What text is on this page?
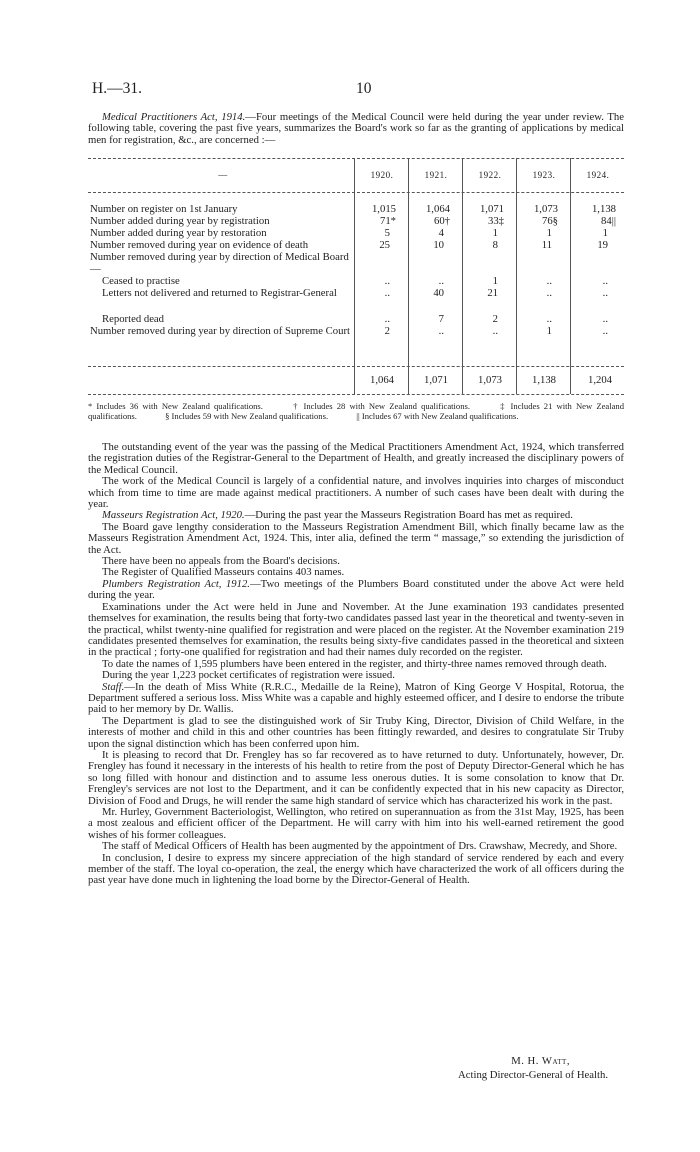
H.—31.	10

Medical Practitioners Act, 1914.—Four meetings of the Medical Council were held during the year under review. The following table, covering the past five years, summarizes the Board's work so far as the granting of applications by medical men for registration, &c., are concerned :—

—	1920.	1921.	1922.	1923.	1924.
Number on register on 1st January	1,015	1,064	1,071	1,073	1,138
Number added during year by registration	71*	60†	33‡	76§	84||
Number added during year by restoration	5	4	1	1	1
Number removed during year on evidence of death	25	10	8	11	19
Number removed during year by direction of Medical Board—
Ceased to practise	..	..	1	..	..
Letters not delivered and returned to Registrar-General	..	40	21	..	..
Reported dead	..	7	2	..	..
Number removed during year by direction of Supreme Court	2	..	..	1	..
1,064	1,071	1,073	1,138	1,204
* Includes 36 with New Zealand qualifications.	† Includes 28 with New Zealand qualifications.	‡ Includes 21 with New Zealand qualifications.	§ Includes 59 with New Zealand qualifications.	|| Includes 67 with New Zealand qualifications.

The outstanding event of the year was the passing of the Medical Practitioners Amendment Act, 1924, which transferred the registration duties of the Registrar-General to the Department of Health, and greatly increased the disciplinary powers of the Medical Council.

The work of the Medical Council is largely of a confidential nature, and involves inquiries into charges of misconduct which from time to time are made against medical practitioners. A number of such cases have been dealt with during the year.

Masseurs Registration Act, 1920.—During the past year the Masseurs Registration Board has met as required.

The Board gave lengthy consideration to the Masseurs Registration Amendment Bill, which finally became law as the Masseurs Registration Amendment Act, 1924. This, inter alia, defined the term “ massage,” so extending the jurisdiction of the Act.

There have been no appeals from the Board's decisions.

The Register of Qualified Masseurs contains 403 names.

Plumbers Registration Act, 1912.—Two meetings of the Plumbers Board constituted under the above Act were held during the year.

Examinations under the Act were held in June and November. At the June examination 193 candidates presented themselves for examination, the results being that forty-two candidates passed last year in the theoretical and twenty-seven in the practical, whilst twenty-nine qualified for registration and were placed on the register. At the November examination 219 candidates presented themselves for examination, the results being sixty-five candidates passed in the theoretical and sixteen in the practical ; forty-one qualified for registration and had their names duly recorded on the register.

To date the names of 1,595 plumbers have been entered in the register, and thirty-three names removed through death.

During the year 1,223 pocket certificates of registration were issued.

Staff.—In the death of Miss White (R.R.C., Medaille de la Reine), Matron of King George V Hospital, Rotorua, the Department suffered a serious loss. Miss White was a capable and highly esteemed officer, and I desire to endorse the tribute paid to her memory by Dr. Wallis.

The Department is glad to see the distinguished work of Sir Truby King, Director, Division of Child Welfare, in the interests of mother and child in this and other countries has been fittingly rewarded, and desires to congratulate Sir Truby upon the signal distinction which has been conferred upon him.

It is pleasing to record that Dr. Frengley has so far recovered as to have returned to duty. Unfortunately, however, Dr. Frengley has found it necessary in the interests of his health to retire from the post of Deputy Director-General which he has so long filled with honour and distinction and to assume less onerous duties. It is some consolation to know that Dr. Frengley's services are not lost to the Department, and it can be confidently expected that in his new capacity as Director, Division of Food and Drugs, he will render the same high standard of service which has characterized his work in the past.

Mr. Hurley, Government Bacteriologist, Wellington, who retired on superannuation as from the 31st May, 1925, has been a most zealous and efficient officer of the Department. He will carry with him into his well-earned retirement the good wishes of his former colleagues.

The staff of Medical Officers of Health has been augmented by the appointment of Drs. Crawshaw, Mecredy, and Shore.

In conclusion, I desire to express my sincere appreciation of the high standard of service rendered by each and every member of the staff. The loyal co-operation, the zeal, the energy which have characterized the work of all officers during the past year have done much in lightening the load borne by the Director-General of Health.

M. H. Watt,
Acting Director-General of Health.
